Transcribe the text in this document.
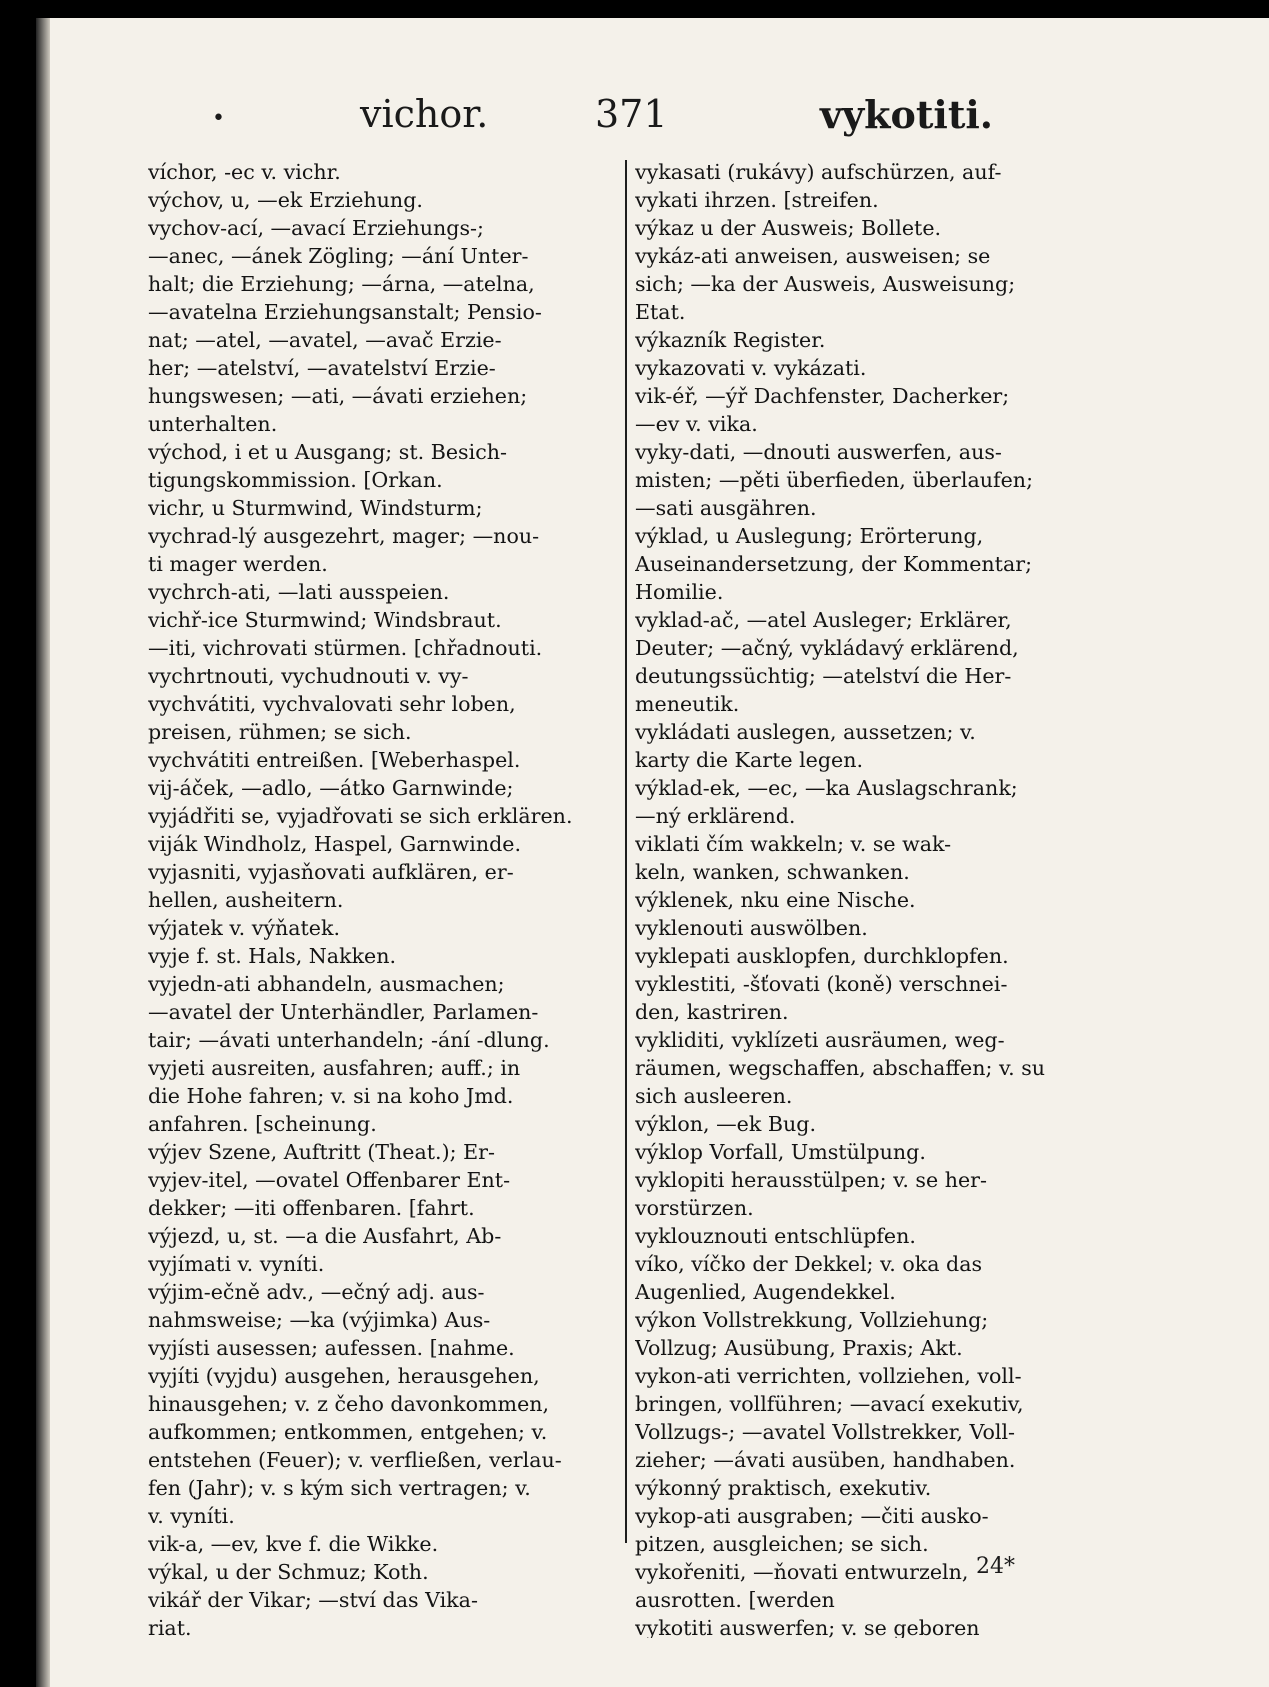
•	vichor.	371	vykotiti.
víchor, -ec v. vichr.
výchov, u, —ek Erziehung.
vychov-ací, —avací Erziehungs-;
—anec, —ánek Zögling; —ání Unter-
halt; die Erziehung; —árna, —atelna,
—avatelna Erziehungsanstalt; Pensio-
nat; —atel, —avatel, —avač Erzie-
her; —atelství, —avatelství Erzie-
hungswesen; —ati, —ávati erziehen;
unterhalten.
východ, i et u Ausgang; st. Besich-
tigungskommission. [Orkan.
vichr, u Sturmwind, Windsturm;
vychrad-lý ausgezehrt, mager; —nou-
ti mager werden.
vychrch-ati, —lati ausspeien.
vichř-ice Sturmwind; Windsbraut.
—iti, vichrovati stürmen. [chřadnouti.
vychrtnouti, vychudnouti v. vy-
vychvátiti, vychvalovati sehr loben,
preisen, rühmen; se sich.
vychvátiti entreißen. [Weberhaspel.
vij-áček, —adlo, —átko Garnwinde;
vyjádřiti se, vyjadřovati se sich erklären.
viják Windholz, Haspel, Garnwinde.
vyjasniti, vyjasňovati aufklären, er-
hellen, ausheitern.
výjatek v. výňatek.
vyje f. st. Hals, Nakken.
vyjedn-ati abhandeln, ausmachen;
—avatel der Unterhändler, Parlamen-
tair; —ávati unterhandeln; -ání -dlung.
vyjeti ausreiten, ausfahren; auff.; in
die Hohe fahren; v. si na koho Jmd.
anfahren. [scheinung.
výjev Szene, Auftritt (Theat.); Er-
vyjev-itel, —ovatel Offenbarer Ent-
dekker; —iti offenbaren. [fahrt.
výjezd, u, st. —a die Ausfahrt, Ab-
vyjímati v. vyníti.
výjim-ečně adv., —ečný adj. aus-
nahmsweise; —ka (výjimka) Aus-
vyjísti ausessen; aufessen. [nahme.
vyjíti (vyjdu) ausgehen, herausgehen,
hinausgehen; v. z čeho davonkommen,
aufkommen; entkommen, entgehen; v.
entstehen (Feuer); v. verfließen, verlau-
fen (Jahr); v. s kým sich vertragen; v.
v. vyníti.
vik-a, —ev, kve f. die Wikke.
výkal, u der Schmuz; Koth.
vikář der Vikar; —ství das Vika-
riat.
vykasati (rukávy) aufschürzen, auf-
vykati ihrzen. [streifen.
výkaz u der Ausweis; Bollete.
vykáz-ati anweisen, ausweisen; se
sich; —ka der Ausweis, Ausweisung;
Etat.
výkazník Register.
vykazovati v. vykázati.
vik-éř, —ýř Dachfenster, Dacherker;
—ev v. vika.
vyky-dati, —dnouti auswerfen, aus-
misten; —pěti überfieden, überlaufen;
—sati ausgähren.
výklad, u Auslegung; Erörterung,
Auseinandersetzung, der Kommentar;
Homilie.
vyklad-ač, —atel Ausleger; Erklärer,
Deuter; —ačný, vykládavý erklärend,
deutungssüchtig; —atelství die Her-
meneutik.
vykládati auslegen, aussetzen; v.
karty die Karte legen.
výklad-ek, —ec, —ka Auslagschrank;
—ný erklärend.
viklati čím wakkeln; v. se wak-
keln, wanken, schwanken.
výklenek, nku eine Nische.
vyklenouti auswölben.
vyklepati ausklopfen, durchklopfen.
vyklestiti, -šťovati (koně) verschnei-
den, kastriren.
vykliditi, vyklízeti ausräumen, weg-
räumen, wegschaffen, abschaffen; v. su
sich ausleeren.
výklon, —ek Bug.
výklop Vorfall, Umstülpung.
vyklopiti herausstülpen; v. se her-
vorstürzen.
vyklouznouti entschlüpfen.
víko, víčko der Dekkel; v. oka das
Augenlied, Augendekkel.
výkon Vollstrekkung, Vollziehung;
Vollzug; Ausübung, Praxis; Akt.
vykon-ati verrichten, vollziehen, voll-
bringen, vollführen; —avací exekutiv,
Vollzugs-; —avatel Vollstrekker, Voll-
zieher; —ávati ausüben, handhaben.
výkonný praktisch, exekutiv.
vykop-ati ausgraben; —čiti ausko-
pitzen, ausgleichen; se sich.
vykořeniti, —ňovati entwurzeln,
ausrotten. [werden
vykotiti auswerfen; v. se geboren
24*
